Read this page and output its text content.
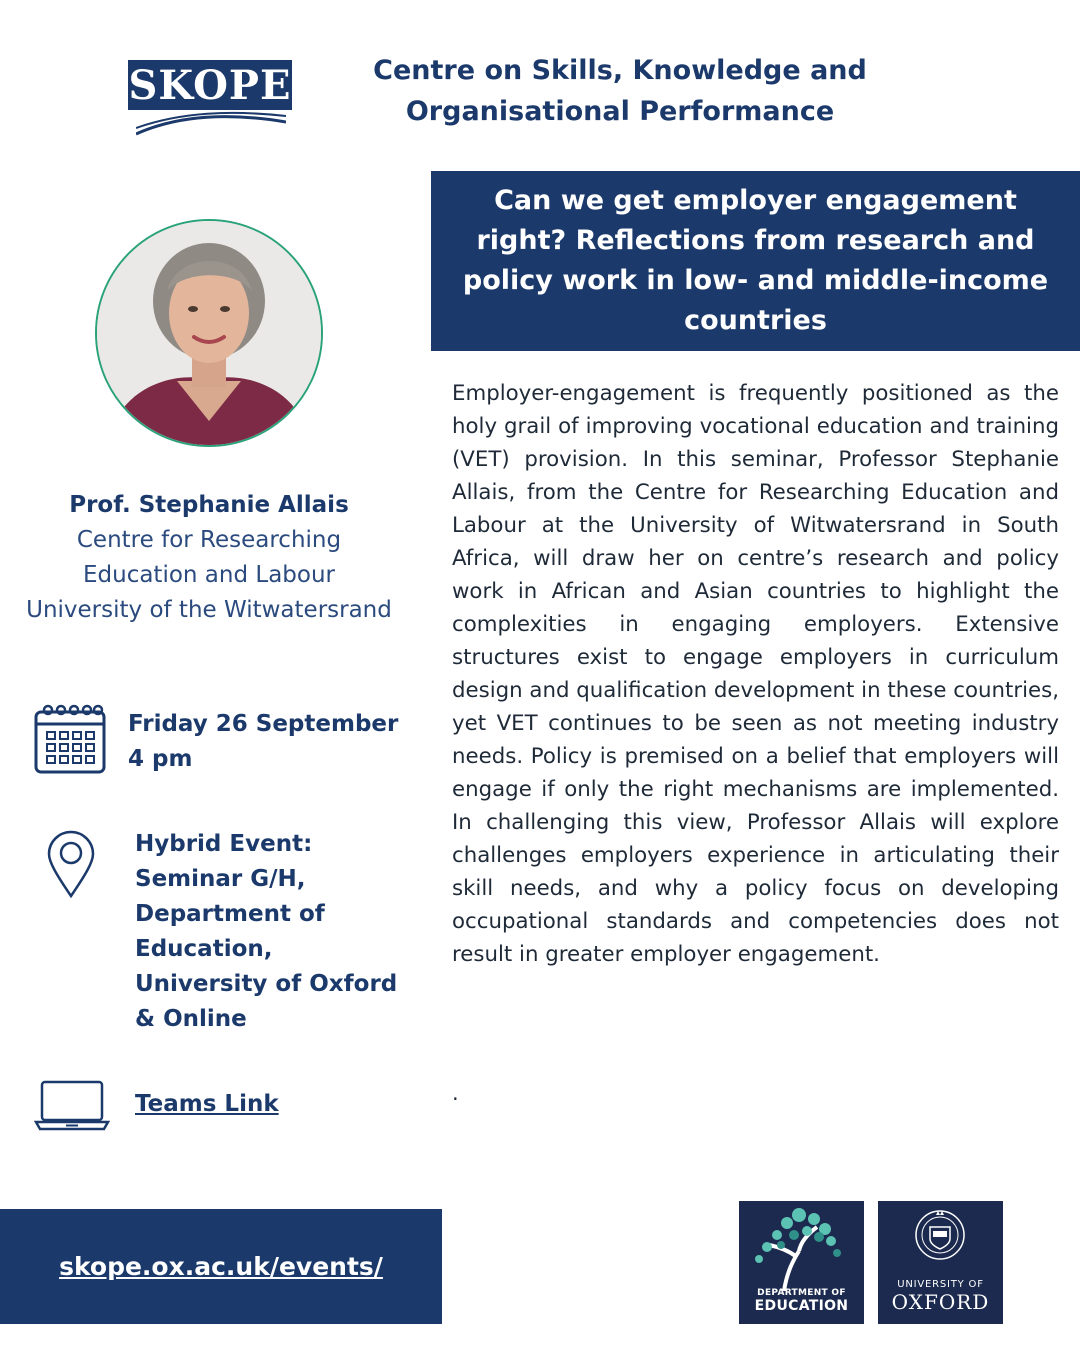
SKOPE	Centre on Skills, Knowledge and
Organisational Performance
Can we get employer engagement right? Reflections from research and policy work in low- and middle-income countries
Prof. Stephanie Allais
Centre for Researching
Education and Labour
University of the Witwatersrand
Friday 26 September
4 pm
Hybrid Event:
Seminar G/H,
Department of
Education,
University of Oxford
& Online
Teams Link
Employer-engagement is frequently positioned as the holy grail of improving vocational education and training (VET) provision. In this seminar, Professor Stephanie Allais, from the Centre for Researching Education and Labour at the University of Witwatersrand in South Africa, will draw her on centre’s research and policy work in African and Asian countries to highlight the complexities in engaging employers. Extensive structures exist to engage employers in curriculum design and qualification development in these countries, yet VET continues to be seen as not meeting industry needs. Policy is premised on a belief that employers will engage if only the right mechanisms are implemented. In challenging this view, Professor Allais will explore challenges employers experience in articulating their skill needs, and why a policy focus on developing occupational standards and competencies does not result in greater employer engagement.
.
skope.ox.ac.uk/events/
DEPARTMENT OF
EDUCATION
UNIVERSITY OF
OXFORD
